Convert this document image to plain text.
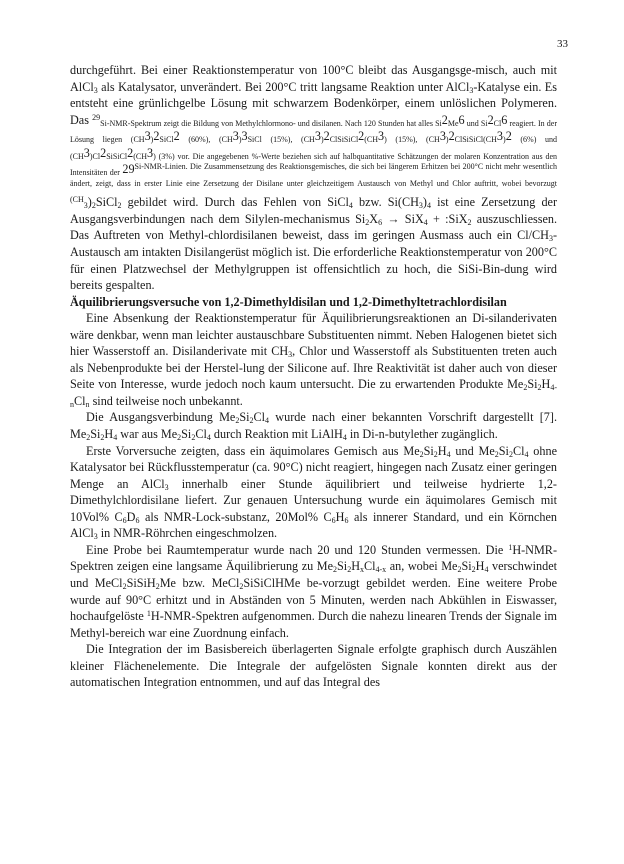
33

durchgeführt. Bei einer Reaktionstemperatur von 100°C bleibt das Ausgangsge-misch, auch mit AlCl$_3$ als Katalysator, unverändert. Bei 200°C tritt langsame Reaktion unter AlCl$_3$-Katalyse ein. Es entsteht eine grünlichgelbe Lösung mit schwarzem Bodenkörper, einem unlöslichen Polymeren. Das $^{29}_{Si-NMR-Spektrum zeigt die Bildung von Methylchlormono- und disilanen. Nach 120 Stunden hat alles Si}2_{Me}6$ $_{und Si}2_{Cl}6$ $_{reagiert. In der Lösung liegen (CH}3_)2_{SiCl}2$ $_{(60\%), (CH}3_)3_{SiCl (15\%), (CH}3_)2_{ClSiSiCl}2_{(CH}3_{) (15\%), (CH}3_)2_{ClSiSiCl(CH}3_)2$ $_{(6\%) und (CH}3_{)Cl}2_{SiSiCl}2_{(CH}3_{) (3\%) vor. Die angegebenen \%-Werte beziehen sich auf halbquantitative Schätzungen der molaren Konzentration aus den Intensitäten der}$ $29^{Si-NMR-Linien. Die Zusammensetzung des Reaktionsgemisches, die sich bei längerem Erhitzen bei 200^\circ C nicht mehr wesentlich ändert, zeigt, dass in erster Linie eine Zersetzung der Disilane unter gleichzeitigem Austausch von Methyl und Chlor auftritt, wobei bevorzugt (CH}_3)_2SiCl_2$ gebildet wird. Durch das Fehlen von SiCl$_4$ bzw. $Si(CH_3)_4$ ist eine Zersetzung der Ausgangsverbindungen nach dem Silylen-mechanismus $Si_2X_6 \to SiX_4$ + :SiX$_2$ auszuschliessen. Das Auftreten von Methyl-chlordisilanen beweist, dass im geringen Ausmass auch ein $Cl/CH_3$-Austausch am intakten Disilangerüst möglich ist. Die erforderliche Reaktionstemperatur von 200°C für einen Platzwechsel der Methylgruppen ist offensichtlich zu hoch, die SiSi-Bin-dung wird bereits gespalten.

Äquilibrierungsversuche von 1,2-Dimethyldisilan und 1,2-Dimethyltetrachlordisilan

Eine Absenkung der Reaktionstemperatur für Äquilibrierungsreaktionen an Di-silanderivaten wäre denkbar, wenn man leichter austauschbare Substituenten nimmt. Neben Halogenen bietet sich hier Wasserstoff an. Disilanderivate mit $CH_3$, Chlor und Wasserstoff als Substituenten treten auch als Nebenprodukte bei der Herstel-lung der Silicone auf. Ihre Reaktivität ist daher auch von dieser Seite von Interesse, wurde jedoch noch kaum untersucht. Die zu erwartenden Produkte $Me_2Si_2H_{4-n}Cl_n$ sind teilweise noch unbekannt.

Die Ausgangsverbindung $Me_2Si_2Cl_4$ wurde nach einer bekannten Vorschrift dargestellt [7]. $Me_2Si_2H_4$ war aus $Me_2Si_2Cl_4$ durch Reaktion mit LiAlH$_4$ in Di-n-butylether zugänglich.

Erste Vorversuche zeigten, dass ein äquimolares Gemisch aus $Me_2Si_2H_4$ und $Me_2Si_2Cl_4$ ohne Katalysator bei Rückflusstemperatur (ca. 90°C) nicht reagiert, hingegen nach Zusatz einer geringen Menge an AlCl$_3$ innerhalb einer Stunde äquilibriert und teilweise hydrierte 1,2-Dimethylchlordisilane liefert. Zur genauen Untersuchung wurde ein äquimolares Gemisch mit 10Vol% $C_6D_6$ als NMR-Lock-substanz, 20Mol% $C_6H_6$ als innerer Standard, und ein Körnchen AlCl$_3$ in NMR-Röhrchen eingeschmolzen.

Eine Probe bei Raumtemperatur wurde nach 20 und 120 Stunden vermessen. Die $^1$H-NMR-Spektren zeigen eine langsame Äquilibrierung zu $Me_2Si_2H_xCl_{4-x}$ an, wobei $Me_2Si_2H_4$ verschwindet und MeCl$_2$SiSiH$_2$Me bzw. MeCl$_2$SiSiClHMe be-vorzugt gebildet werden. Eine weitere Probe wurde auf 90°C erhitzt und in Abständen von 5 Minuten, werden nach Abkühlen in Eiswasser, hochaufgelöste $^1$H-NMR-Spektren aufgenommen. Durch die nahezu linearen Trends der Signale im Methyl-bereich war eine Zuordnung einfach.

Die Integration der im Basisbereich überlagerten Signale erfolgte graphisch durch Auszählen kleiner Flächenelemente. Die Integrale der aufgelösten Signale konnten direkt aus der automatischen Integration entnommen, und auf das Integral des
